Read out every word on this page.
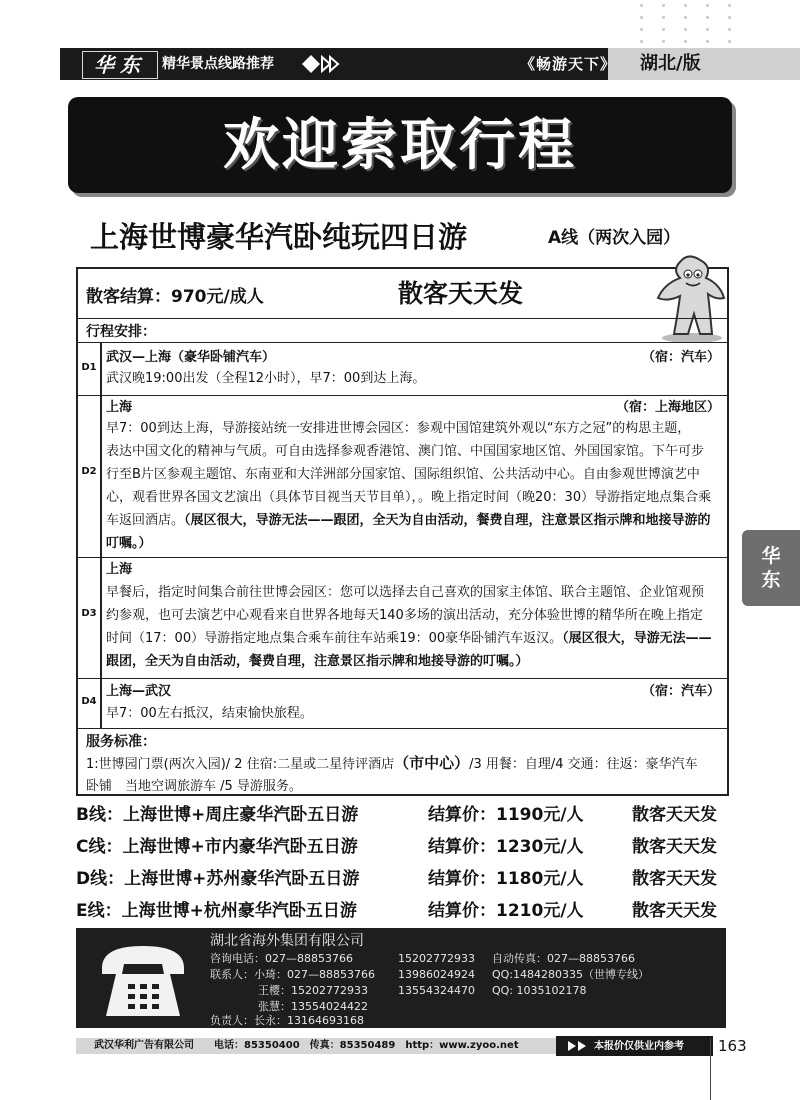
华东	精华景点线路推荐	《畅游天下》 湖北/版
欢迎索取行程
上海世博豪华汽卧纯玩四日游	A线（两次入园）
散客结算：970元/成人	散客天天发
行程安排：
D1
武汉—上海（豪华卧铺汽车）	（宿：汽车）
武汉晚19:00出发（全程12小时），早7：00到达上海。
D2
上海	（宿：上海地区）
早7：00到达上海，导游接站统一安排进世博会园区：参观中国馆建筑外观以“东方之冠”的构思主题，
表达中国文化的精神与气质。可自由选择参观香港馆、澳门馆、中国国家地区馆、外国国家馆。下午可步
行至B片区参观主题馆、东南亚和大洋洲部分国家馆、国际组织馆、公共活动中心。自由参观世博演艺中
心，观看世界各国文艺演出（具体节目视当天节目单），。晚上指定时间（晚20：30）导游指定地点集合乘
车返回酒店。（展区很大，导游无法——跟团，全天为自由活动，餐费自理，注意景区指示牌和地接导游的
叮嘱。）
D3
上海
早餐后，指定时间集合前往世博会园区：您可以选择去自己喜欢的国家主体馆、联合主题馆、企业馆观预
约参观，也可去演艺中心观看来自世界各地每天140多场的演出活动，充分体验世博的精华所在晚上指定
时间（17：00）导游指定地点集合乘车前往车站乘19：00豪华卧铺汽车返汉。（展区很大，导游无法——
跟团，全天为自由活动，餐费自理，注意景区指示牌和地接导游的叮嘱。）
D4
上海—武汉	（宿：汽车）
早7：00左右抵汉，结束愉快旅程。
服务标准：
1:世博园门票(两次入园)/ 2 住宿:二星或二星待评酒店（市中心）/3 用餐：自理/4 交通：往返：豪华汽车
卧铺　当地空调旅游车 /5 导游服务。
华
东
B线：上海世博+周庄豪华汽卧五日游	结算价：1190元/人	散客天天发
C线：上海世博+市内豪华汽卧五日游	结算价：1230元/人	散客天天发
D线：上海世博+苏州豪华汽卧五日游	结算价：1180元/人	散客天天发
E线：上海世博+杭州豪华汽卧五日游	结算价：1210元/人	散客天天发
湖北省海外集团有限公司
咨询电话：027—88853766	15202772933 自动传真：027—88853766
联系人：小琦：027—88853766 13986024924 QQ:1484280335（世博专线）
王樱：15202772933	13554324470 QQ: 1035102178
张慧：13554024422
负责人：长永：13164693168
武汉华利广告有限公司　　电话：85350400　传真：85350489　http：www.zyoo.net	本报价仅供业内参考 163
